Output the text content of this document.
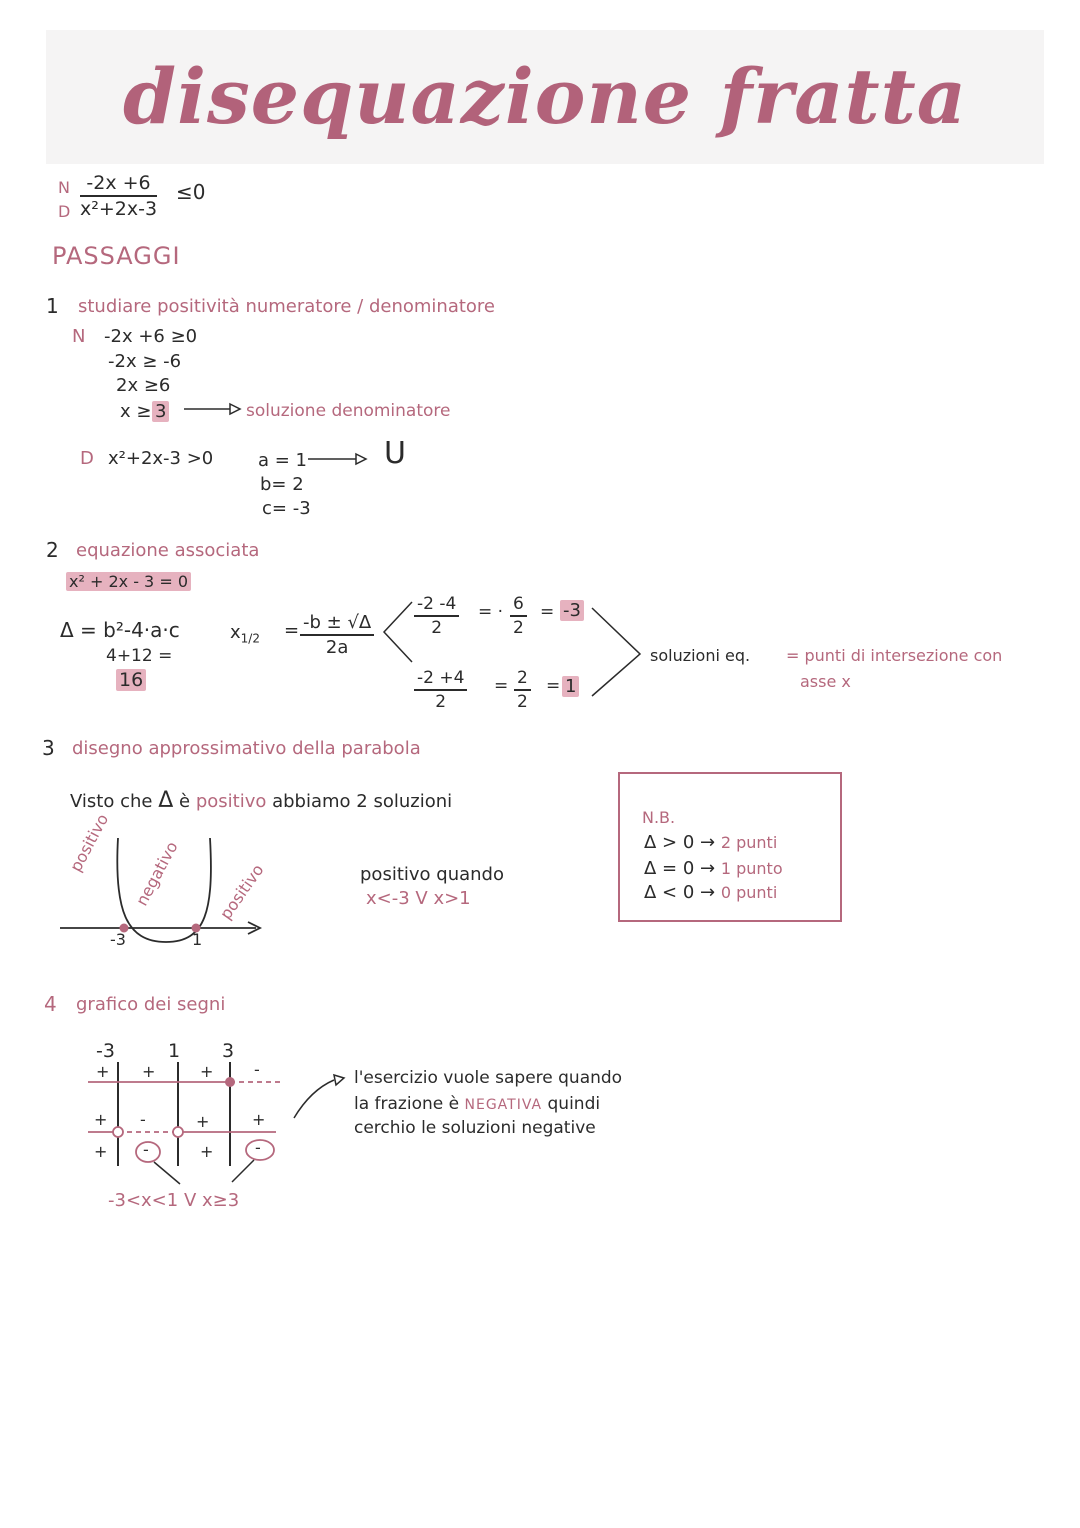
disequazione fratta
N
D $\frac{-2x +6}{\text{x²+2x-3}} \le 0$
PASSAGGI
1 studiare positività numeratore / denominatore
N -2x +6 ≥0
-2x ≥ -6
2x ≥6
x ≥ 3	soluzione denominatore
D x²+2x-3 >0 a = 1	U
b= 2
c= -3
2 equazione associata
x² + 2x - 3 = 0
Δ = b²-4·a·c
4+12 =
16
$x_{1/2} = \frac{-b \pm √\Delta}{2a} \frac{-2 -4}{2}$ = · $\frac{6}{2} = -3$
$\frac{-2 +4}{2} = \frac{2}{2} = 1$
soluzioni eq. = punti di intersezione con
asse x
3 disegno approssimativo della parabola
Visto che Δ è positivo abbiamo 2 soluzioni
positivo negativo positivo
-3	1
positivo quando
x<-3 V x>1
N.B.
Δ > 0 → 2 punti
Δ = 0 → 1 punto
Δ < 0 → 0 punti
4 grafico dei segni
-3	1 3
+ +	+	-
+ -	+	+
+ -	+	-
-3<x<1 V x≥3
l'esercizio vuole sapere quando
la frazione è NEGATIVA quindi
cerchio le soluzioni negative
